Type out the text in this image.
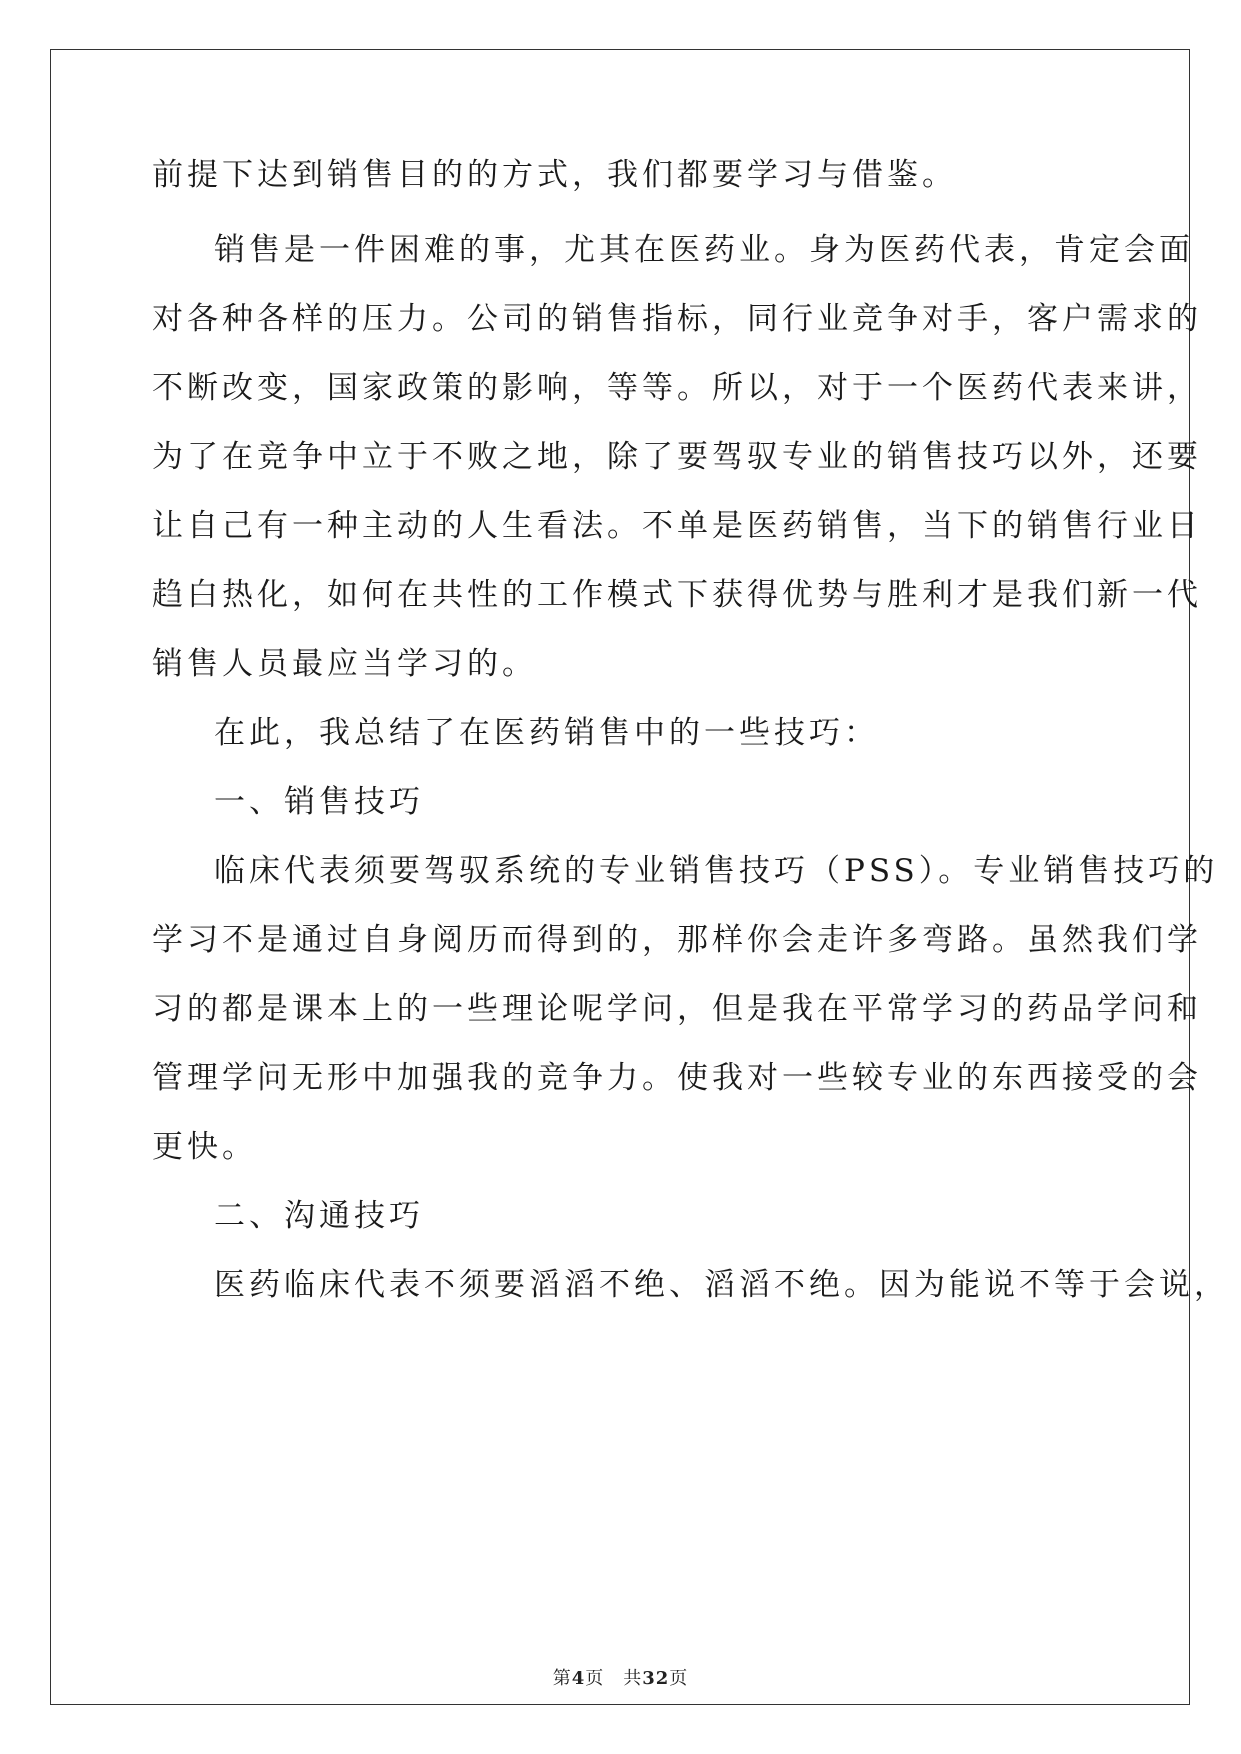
前提下达到销售目的的方式，我们都要学习与借鉴。
销售是一件困难的事，尤其在医药业。身为医药代表，肯定会面
对各种各样的压力。公司的销售指标，同行业竞争对手，客户需求的
不断改变，国家政策的影响，等等。所以，对于一个医药代表来讲，
为了在竞争中立于不败之地，除了要驾驭专业的销售技巧以外，还要
让自己有一种主动的人生看法。不单是医药销售，当下的销售行业日
趋白热化，如何在共性的工作模式下获得优势与胜利才是我们新一代
销售人员最应当学习的。
在此，我总结了在医药销售中的一些技巧：
一、销售技巧
临床代表须要驾驭系统的专业销售技巧（PSS）。专业销售技巧的
学习不是通过自身阅历而得到的，那样你会走许多弯路。虽然我们学
习的都是课本上的一些理论呢学问，但是我在平常学习的药品学问和
管理学问无形中加强我的竞争力。使我对一些较专业的东西接受的会
更快。
二、沟通技巧
医药临床代表不须要滔滔不绝、滔滔不绝。因为能说不等于会说，
第4页　共32页
